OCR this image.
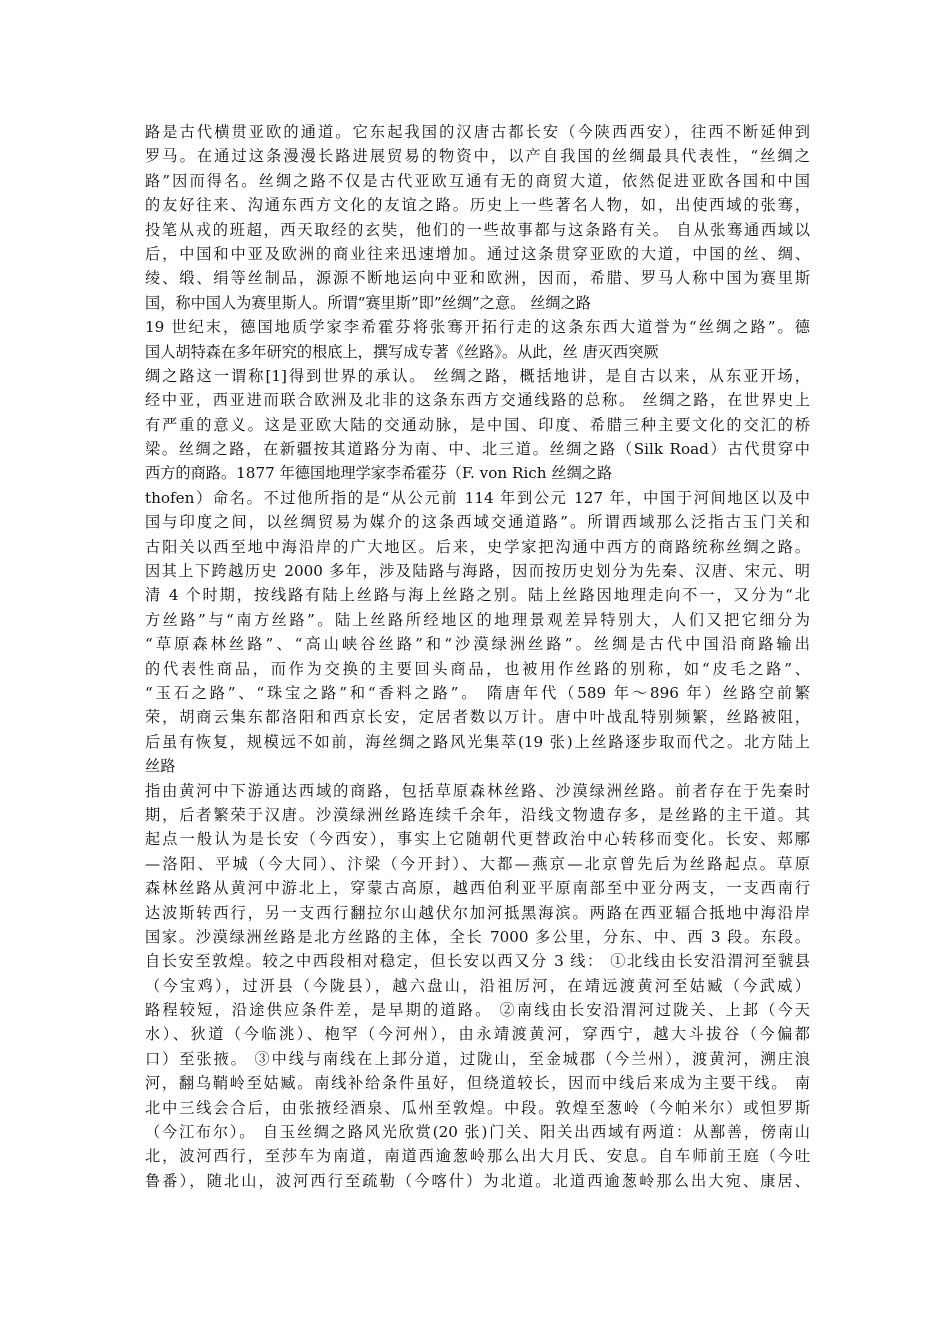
路是古代横贯亚欧的通道。它东起我国的汉唐古都长安（今陕西西安），往西不断延伸到
罗马。在通过这条漫漫长路进展贸易的物资中，以产自我国的丝绸最具代表性，“丝绸之
路”因而得名。丝绸之路不仅是古代亚欧互通有无的商贸大道，依然促进亚欧各国和中国
的友好往来、沟通东西方文化的友谊之路。历史上一些著名人物，如，出使西域的张骞，
投笔从戎的班超，西天取经的玄奘，他们的一些故事都与这条路有关。 自从张骞通西域以
后，中国和中亚及欧洲的商业往来迅速增加。通过这条贯穿亚欧的大道，中国的丝、绸、
绫、缎、绢等丝制品，源源不断地运向中亚和欧洲，因而，希腊、罗马人称中国为赛里斯
国，称中国人为赛里斯人。所谓“赛里斯”即”丝绸”之意。 丝绸之路
19 世纪末，德国地质学家李希霍芬将张骞开拓行走的这条东西大道誉为“丝绸之路”。德
国人胡特森在多年研究的根底上，撰写成专著《丝路》。从此，丝 唐灭西突厥
绸之路这一谓称[1]得到世界的承认。 丝绸之路，概括地讲，是自古以来，从东亚开场，
经中亚，西亚进而联合欧洲及北非的这条东西方交通线路的总称。 丝绸之路，在世界史上
有严重的意义。这是亚欧大陆的交通动脉，是中国、印度、希腊三种主要文化的交汇的桥
梁。丝绸之路，在新疆按其道路分为南、中、北三道。丝绸之路（Silk Road）古代贯穿中
西方的商路。1877 年德国地理学家李希霍芬（F. von Rich 丝绸之路
thofen）命名。不过他所指的是“从公元前 114 年到公元 127 年，中国于河间地区以及中
国与印度之间，以丝绸贸易为媒介的这条西域交通道路”。所谓西域那么泛指古玉门关和
古阳关以西至地中海沿岸的广大地区。后来，史学家把沟通中西方的商路统称丝绸之路。
因其上下跨越历史 2000 多年，涉及陆路与海路，因而按历史划分为先秦、汉唐、宋元、明
清 4 个时期，按线路有陆上丝路与海上丝路之别。陆上丝路因地理走向不一，又分为“北
方丝路”与“南方丝路”。陆上丝路所经地区的地理景观差异特别大，人们又把它细分为
“草原森林丝路”、“高山峡谷丝路”和“沙漠绿洲丝路”。丝绸是古代中国沿商路输出
的代表性商品，而作为交换的主要回头商品，也被用作丝路的别称，如“皮毛之路”、
“玉石之路”、“珠宝之路”和“香料之路”。 隋唐年代（589 年～896 年）丝路空前繁
荣，胡商云集东都洛阳和西京长安，定居者数以万计。唐中叶战乱特别频繁，丝路被阻，
后虽有恢复，规模远不如前，海丝绸之路风光集萃(19 张)上丝路逐步取而代之。北方陆上
丝路
指由黄河中下游通达西域的商路，包括草原森林丝路、沙漠绿洲丝路。前者存在于先秦时
期，后者繁荣于汉唐。沙漠绿洲丝路连续千余年，沿线文物遗存多，是丝路的主干道。其
起点一般认为是长安（今西安），事实上它随朝代更替政治中心转移而变化。长安、郏鄏
—洛阳、平城（今大同）、汴梁（今开封）、大都—燕京—北京曾先后为丝路起点。草原
森林丝路从黄河中游北上，穿蒙古高原，越西伯利亚平原南部至中亚分两支，一支西南行
达波斯转西行，另一支西行翻拉尔山越伏尔加河抵黑海滨。两路在西亚辐合抵地中海沿岸
国家。沙漠绿洲丝路是北方丝路的主体，全长 7000 多公里，分东、中、西 3 段。东段。
自长安至敦煌。较之中西段相对稳定，但长安以西又分 3 线： ①北线由长安沿渭河至虢县
（今宝鸡），过汧县（今陇县），越六盘山，沿祖厉河，在靖远渡黄河至姑臧（今武威）
路程较短，沿途供应条件差，是早期的道路。 ②南线由长安沿渭河过陇关、上邽（今天
水）、狄道（今临洮）、枹罕（今河州），由永靖渡黄河，穿西宁，越大斗拔谷（今偏都
口）至张掖。 ③中线与南线在上邽分道，过陇山，至金城郡（今兰州），渡黄河，溯庄浪
河，翻乌鞘岭至姑臧。南线补给条件虽好，但绕道较长，因而中线后来成为主要干线。 南
北中三线会合后，由张掖经酒泉、瓜州至敦煌。中段。敦煌至葱岭（今帕米尔）或怛罗斯
（今江布尔）。 自玉丝绸之路风光欣赏(20 张)门关、阳关出西域有两道：从鄯善，傍南山
北，波河西行，至莎车为南道，南道西逾葱岭那么出大月氏、安息。自车师前王庭（今吐
鲁番），随北山，波河西行至疏勒（今喀什）为北道。北道西逾葱岭那么出大宛、康居、
